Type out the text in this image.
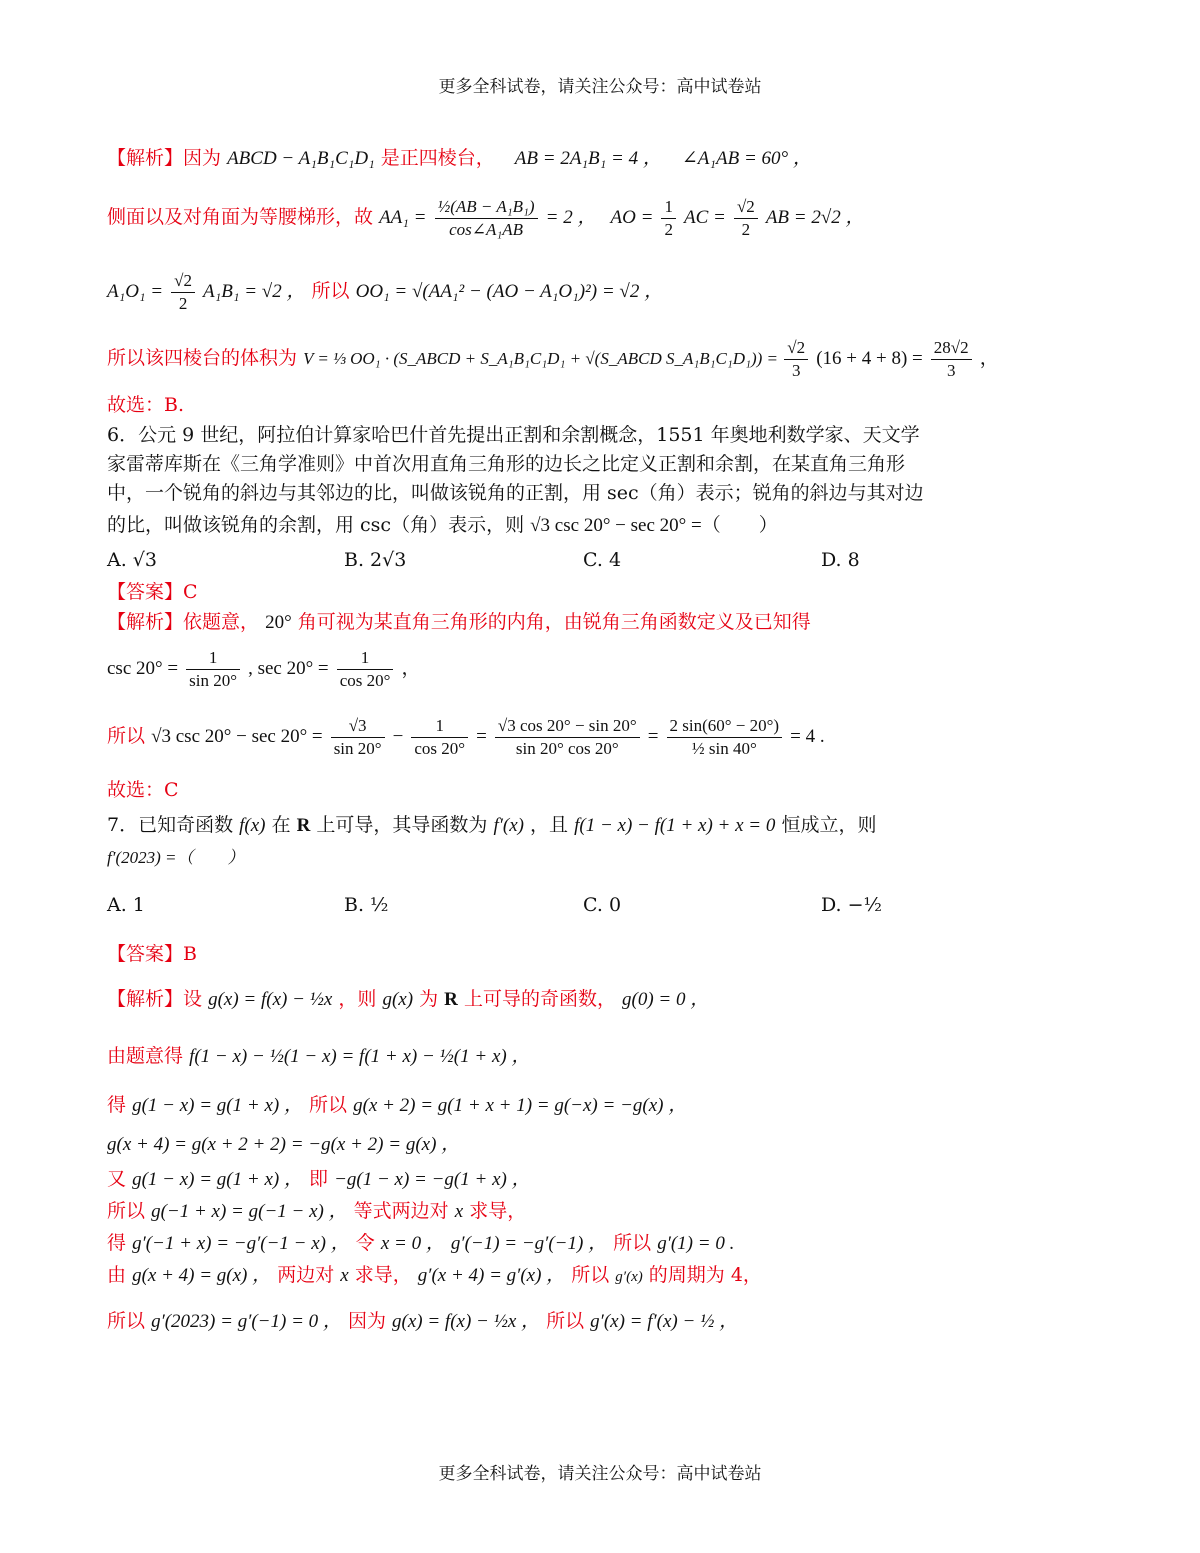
更多全科试卷，请关注公众号：高中试卷站
【解析】因为 ABCD − A₁B₁C₁D₁ 是正四棱台， AB = 2A₁B₁ = 4 ， ∠A₁AB = 60° ，
侧面以及对角面为等腰梯形，故 $AA_1 = \frac{\text{½(AB − A₁B₁)}}{\text{cos∠A₁AB}} = 2$ ， AO = $\frac{1}{2}$ AC = $\frac{√2}{2}$ AB = 2√2 ，
$A_1O_1 = \frac{√2}{2} A_1B_1 = √2$ ， 所以 OO₁ = √(AA₁² − (AO − A₁O₁)²) = √2 ，
所以该四棱台的体积为 V = ⅓ OO₁ · (S_ABCD + S_A₁B₁C₁D₁ + √(S_ABCD S_A₁B₁C₁D₁)) = $\frac{√2}{3} (16 + 4 + 8) = \frac{28√2}{3}$ ，
故选：B.
6．公元 9 世纪，阿拉伯计算家哈巴什首先提出正割和余割概念，1551 年奥地利数学家、天文学
家雷蒂库斯在《三角学准则》中首次用直角三角形的边长之比定义正割和余割，在某直角三角形
中，一个锐角的斜边与其邻边的比，叫做该锐角的正割，用 sec（角）表示；锐角的斜边与其对边
的比，叫做该锐角的余割，用 csc（角）表示，则 √3 csc 20° − sec 20° =（　　）
A. √3	B. 2√3	C. 4	D. 8
【答案】C
【解析】依题意， 20° 角可视为某直角三角形的内角，由锐角三角函数定义及已知得
$\csc 20^\circ = \frac{1}{\sin 20^\circ}$ , $\sec 20^\circ = \frac{1}{\cos 20^\circ}$ ，
所以 √3 $\csc 20^\circ - \sec 20^\circ = \frac{√3}{\sin 20^\circ} - \frac{1}{\cos 20^\circ} = \frac{√3 \cos 20^\circ - \sin 20^\circ}{\sin 20^\circ \cos 20^\circ} = \frac{2 \sin(60^\circ - 20^\circ)}{\text{½ sin 40°}} = 4$ .
故选：C
7．已知奇函数 f(x) 在 R 上可导，其导函数为 f′(x) ，且 f(1 − x) − f(1 + x) + x = 0 恒成立，则
f′(2023) =（　　）
A. 1	B. ½	C. 0	D. −½
【答案】B
【解析】设 g(x) = f(x) − ½x ，则 g(x) 为 R 上可导的奇函数， g(0) = 0 ，
由题意得 f(1 − x) − ½(1 − x) = f(1 + x) − ½(1 + x) ，
得 g(1 − x) = g(1 + x) ， 所以 g(x + 2) = g(1 + x + 1) = g(−x) = −g(x) ，
g(x + 4) = g(x + 2 + 2) = −g(x + 2) = g(x) ，
又 g(1 − x) = g(1 + x) ， 即 −g(1 − x) = −g(1 + x) ，
所以 g(−1 + x) = g(−1 − x) ， 等式两边对 x 求导，
得 g′(−1 + x) = −g′(−1 − x) ， 令 x = 0 ， g′(−1) = −g′(−1) ， 所以 g′(1) = 0 .
由 g(x + 4) = g(x) ， 两边对 x 求导， g′(x + 4) = g′(x) ， 所以 g′(x) 的周期为 4，
所以 g′(2023) = g′(−1) = 0 ， 因为 g(x) = f(x) − ½x ， 所以 g′(x) = f′(x) − ½ ，
更多全科试卷，请关注公众号：高中试卷站
